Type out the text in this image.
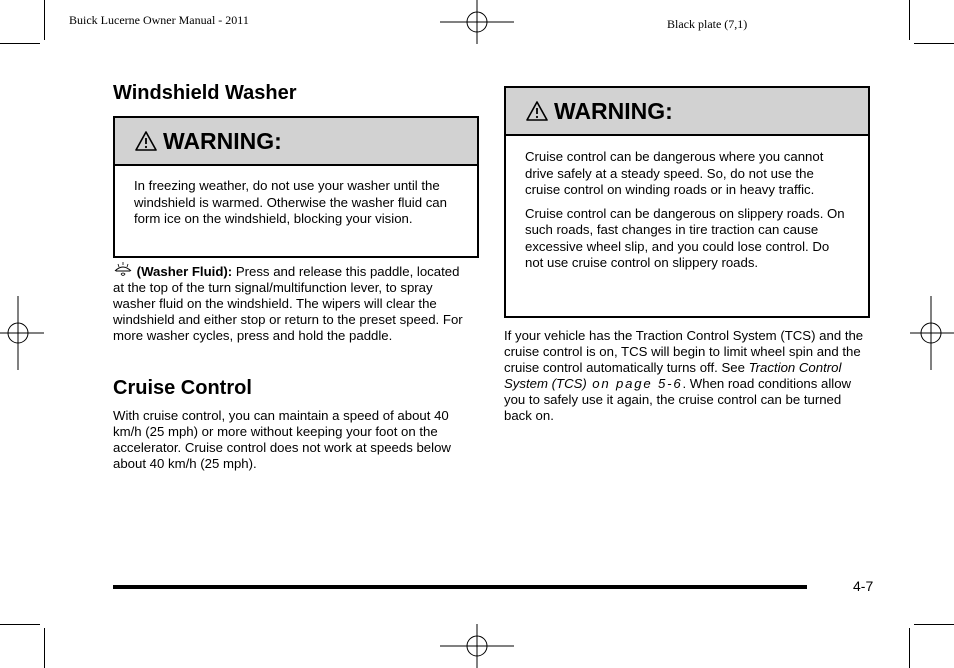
Buick Lucerne Owner Manual - 2011	Black plate (7,1)
Windshield Washer
WARNING:

In freezing weather, do not use your washer until the windshield is warmed. Otherwise the washer fluid can form ice on the windshield, blocking your vision.

(Washer Fluid): Press and release this paddle, located at the top of the turn signal/multifunction lever, to spray washer fluid on the windshield. The wipers will clear the windshield and either stop or return to the preset speed. For more washer cycles, press and hold the paddle.

Cruise Control

With cruise control, you can maintain a speed of about 40 km/h (25 mph) or more without keeping your foot on the accelerator. Cruise control does not work at speeds below about 40 km/h (25 mph).

WARNING:

Cruise control can be dangerous where you cannot drive safely at a steady speed. So, do not use the cruise control on winding roads or in heavy traffic.

Cruise control can be dangerous on slippery roads. On such roads, fast changes in tire traction can cause excessive wheel slip, and you could lose control. Do not use cruise control on slippery roads.

If your vehicle has the Traction Control System (TCS) and the cruise control is on, TCS will begin to limit wheel spin and the cruise control automatically turns off. See Traction Control System (TCS) on page 5‑6. When road conditions allow you to safely use it again, the cruise control can be turned back on.

4-7
